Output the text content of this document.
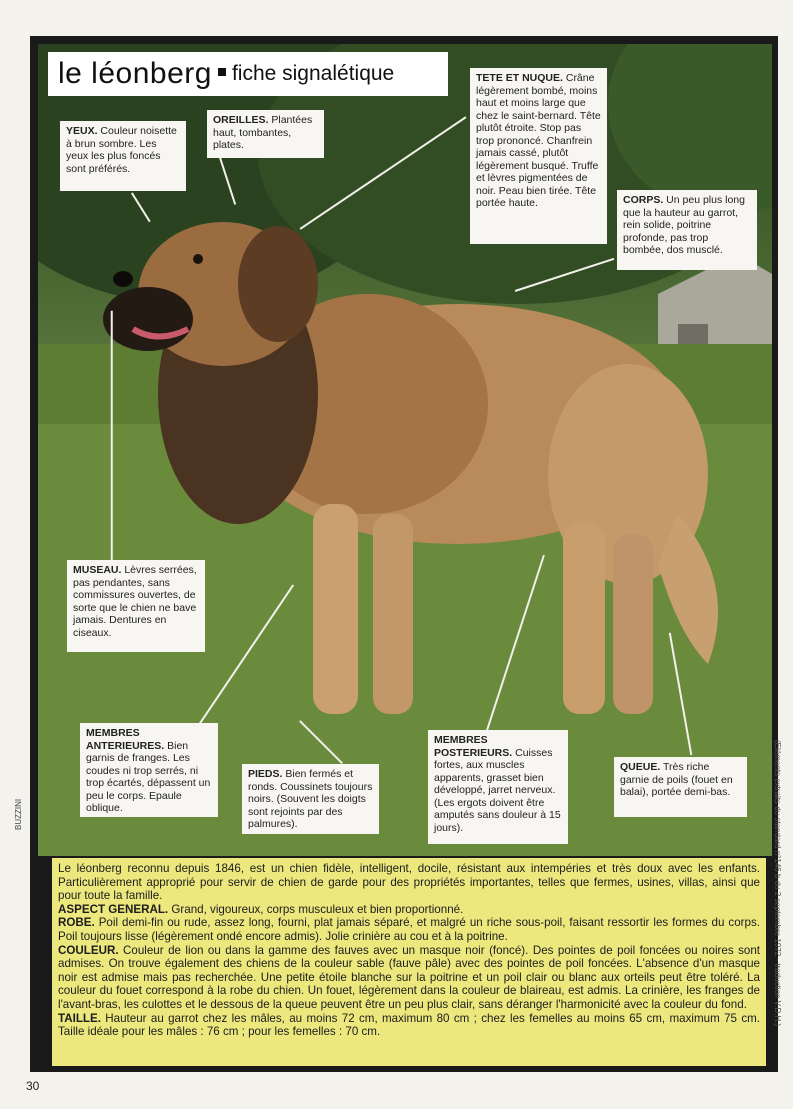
le léonberg fiche signalétique
YEUX. Couleur noisette à brun sombre. Les yeux les plus foncés sont préférés.
OREILLES. Plantées haut, tombantes, plates.
TETE ET NUQUE. Crâne légèrement bombé, moins haut et moins large que chez le saint-bernard. Tête plutôt étroite. Stop pas trop prononcé. Chanfrein jamais cassé, plutôt légèrement busqué. Truffe et lèvres pigmentées de noir. Peau bien tirée. Tête portée haute.	CORPS. Un peu plus long que la hauteur au garrot, rein solide, poitrine profonde, pas trop bombée, dos musclé.
MUSEAU. Lèvres serrées, pas pendantes, sans commissures ouvertes, de sorte que le chien ne bave jamais. Dentures en ciseaux.
MEMBRES ANTERIEURES. Bien garnis de franges. Les coudes ni trop serrés, ni trop écartés, dépassent un peu le corps. Epaule oblique.
PIEDS. Bien fermés et ronds. Coussinets toujours noirs. (Souvent les doigts sont rejoints par des palmures).
MEMBRES POSTERIEURS. Cuisses fortes, aux muscles apparents, grasset bien développé, jarret nerveux. (Les ergots doivent être amputés sans douleur à 15 jours).
QUEUE. Très riche garnie de poils (fouet en balai), portée demi-bas.

Le léonberg reconnu depuis 1846, est un chien fidèle, intelligent, docile, résistant aux intempéries et très doux avec les enfants. Particulièrement approprié pour servir de chien de garde pour des propriétés importantes, telles que fermes, usines, villas, ainsi que pour toute la famille.

ASPECT GENERAL. Grand, vigoureux, corps musculeux et bien proportionné.

ROBE. Poil demi-fin ou rude, assez long, fourni, plat jamais séparé, et malgré un riche sous-poil, faisant ressortir les formes du corps. Poil toujours lisse (légèrement ondé encore admis). Jolie crinière au cou et à la poitrine.

COULEUR. Couleur de lion ou dans la gamme des fauves avec un masque noir (foncé). Des pointes de poil foncées ou noires sont admises. On trouve également des chiens de la couleur sable (fauve pâle) avec des pointes de poil foncées. L'absence d'un masque noir est admise mais pas recherchée. Une petite étoile blanche sur la poitrine et un poil clair ou blanc aux orteils peut être toléré. La couleur du fouet correspond à la robe du chien. Un fouet, légèrement dans la couleur de blaireau, est admis. La crinière, les franges de l'avant-bras, les culottes et le dessous de la queue peuvent être un peu plus clair, sans déranger l'harmonicité avec la couleur du fond.

TAILLE. Hauteur au garrot chez les mâles, au moins 72 cm, maximum 80 cm ; chez les femelles au moins 65 cm, maximum 75 cm. Taille idéale pour les mâles : 76 cm ; pour les femelles : 70 cm.

BUZZINI	(Eléments extraits du standard n°146 b du 2 septembre 1972 - traduction V.D.H.)
30
